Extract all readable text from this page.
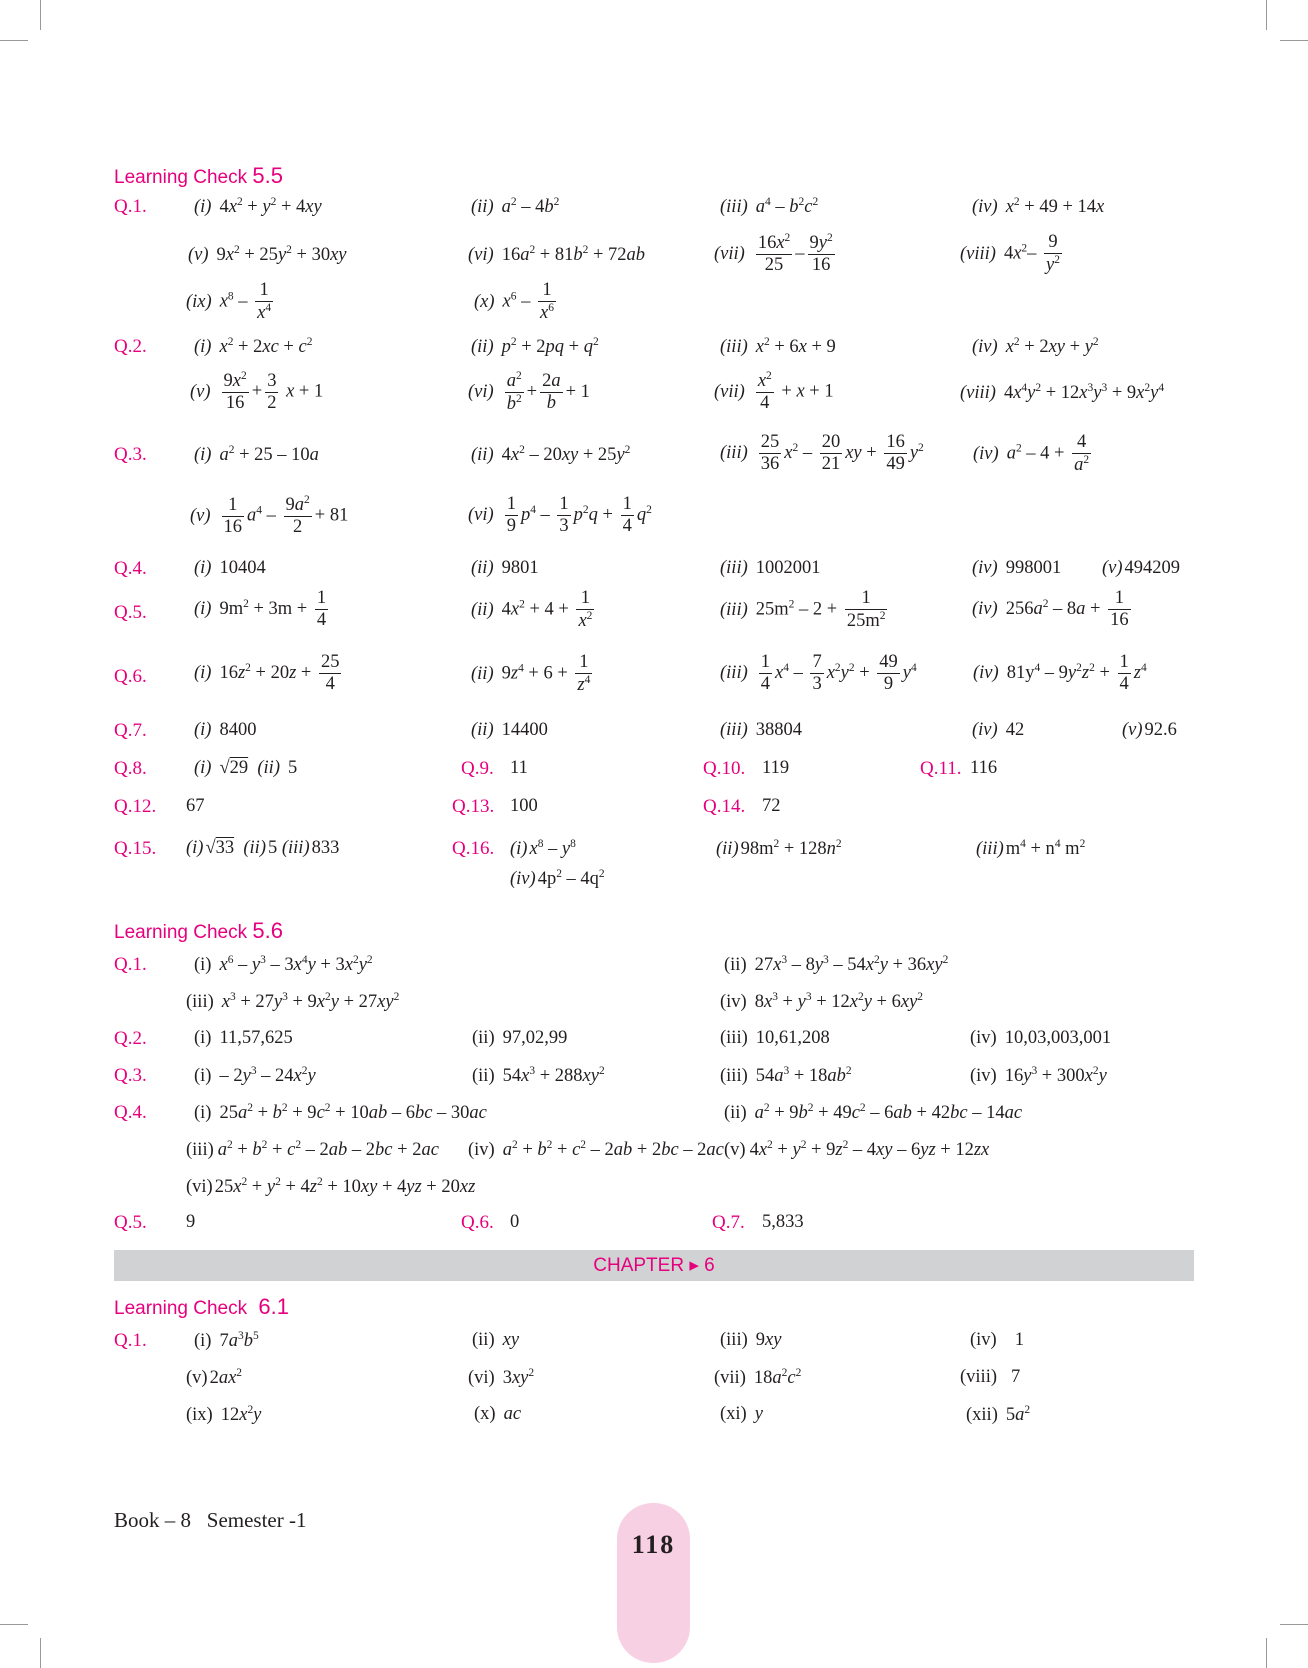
Learning Check 5.5
Q.1.	(i) $4x^2 + y^2 + 4xy$	(ii) $a^2 - 4b^2$	(iii) $a^4 - b^2c^2$	(iv) $x^2 + 49 + 14x$
(v) $9x^2 + 25y^2 + 30xy$	(vi) $16a^2 + 81b^2 + 72ab$	$(vii) \frac{16x^2}{25} - \frac{9y^2}{16}$	(viii) $4x^2- \frac{9}{y^2}$
(ix) $x^8 - \frac{1}{x^4}$	(x) $x^6 - \frac{1}{x^6}$
Q.2.	(i) $x^2 + 2xc + c^2$	(ii) $p^2 + 2pq + q^2$	(iii) $x^2 + 6x + 9$	(iv) $x^2 + 2xy + y^2$
$(v) \frac{9x^2}{16} + \frac{3}{2}$ x + 1	$(vi) \frac{a^2}{b^2} + \frac{2a}{b} + 1$	$(vii) \frac{x^2}{4} + x + 1$	(viii) $4x^4y^2 + 12x^3y^3 + 9x^2y^4$
Q.3.	(i) $a^2 + 25 - 10a$	(ii) $4x^2 - 20xy + 25y^2$	$(iii) \frac{25}{36} x^2 - \frac{20}{21}$ xy + $\frac{16}{49} y^2$	(iv) $a^2 - 4 + \frac{4}{a^2}$
$(v) \frac{1}{16} a^4 - \frac{9a^2}{2} + 81$	$(vi) \frac{1}{9} p^4 - \frac{1}{3} p^2q + \frac{1}{4} q^2$
Q.4.	(i) 10404	(ii) 9801	(iii) 1002001	(iv) 998001 (v) 494209
Q.5.	(i) $9m^2 + 3m + \frac{1}{4}$	(ii) $4x^2 + 4 + \frac{1}{x^2}$	(iii) $25m^2 - 2 + \frac{1}{25m^2}$	(iv) $256a^2 - 8a + \frac{1}{16}$
Q.6.	(i) $16z^2 + 20z + \frac{25}{4}$	(ii) $9z^4 + 6 + \frac{1}{z^4}$	$(iii) \frac{1}{4} x^4 - \frac{7}{3} x^2y^2 + \frac{49}{9} y^4$	(iv) $81y^4 - 9y^2z^2 + \frac{1}{4} z^4$
Q.7.	(i) 8400	(ii) 14400	(iii) 38804	(iv) 42	(v) 92.6
Q.8.	(i) √29 (ii) 5	Q.9. 11	Q.10. 119	Q.11. 116
Q.12. 67	Q.13. 100	Q.14. 72
Q.15. (i) √33 (ii) 5 (iii) 833	Q.16. (i) $x^8 - y^8$	(ii) $98m^2 + 128n^2$	(iii) $m^4 + n^4$ $m^2$
(iv) $4p^2 - 4q^2$
Learning Check 5.6
Q.1.	(i) $x^6 - y^3 - 3x^4y + 3x^2y^2$	(ii) $27x^3 - 8y^3 - 54x^2y + 36xy^2$
(iii) $x^3 + 27y^3 + 9x^2y + 27xy^2$	(iv) $8x^3 + y^3 + 12x^2y + 6xy^2$
Q.2.	(i) 11,57,625	(ii) 97,02,99	(iii) 10,61,208	(iv) 10,03,003,001
Q.3.	$(i) - 2y^3 - 24x^2y$	(ii) $54x^3 + 288xy^2$	(iii) $54a^3 + 18ab^2$	(iv) $16y^3 + 300x^2y$
Q.4.	(i) $25a^2 + b^2 + 9c^2 + 10ab - 6bc - 30ac$	(ii) $a^2 + 9b^2 + 49c^2 - 6ab + 42bc - 14ac$
(iii) $a^2 + b^2 + c^2 - 2ab - 2bc + 2ac$ (iv) $a^2 + b^2 + c^2 - 2ab + 2bc - 2ac$ (v) $4x^2 + y^2 + 9z^2 - 4xy - 6yz + 12zx$
(vi) $25x^2 + y^2 + 4z^2 + 10xy + 4yz + 20xz$
Q.5. 9	Q.6. 0	Q.7. 5,833
CHAPTER ▸ 6
Learning Check 6.1
Q.1.	(i) $7a^3b^5$	(ii) xy	(iii) 9xy	(iv) 1
(v) $2ax^2$	(vi) $3xy^2$	(vii) $18a^2c^2$	(viii) 7
(ix) $12x^2y$	(x) ac	(xi) y	(xii) $5a^2$
Book – 8 Semester -1
118
